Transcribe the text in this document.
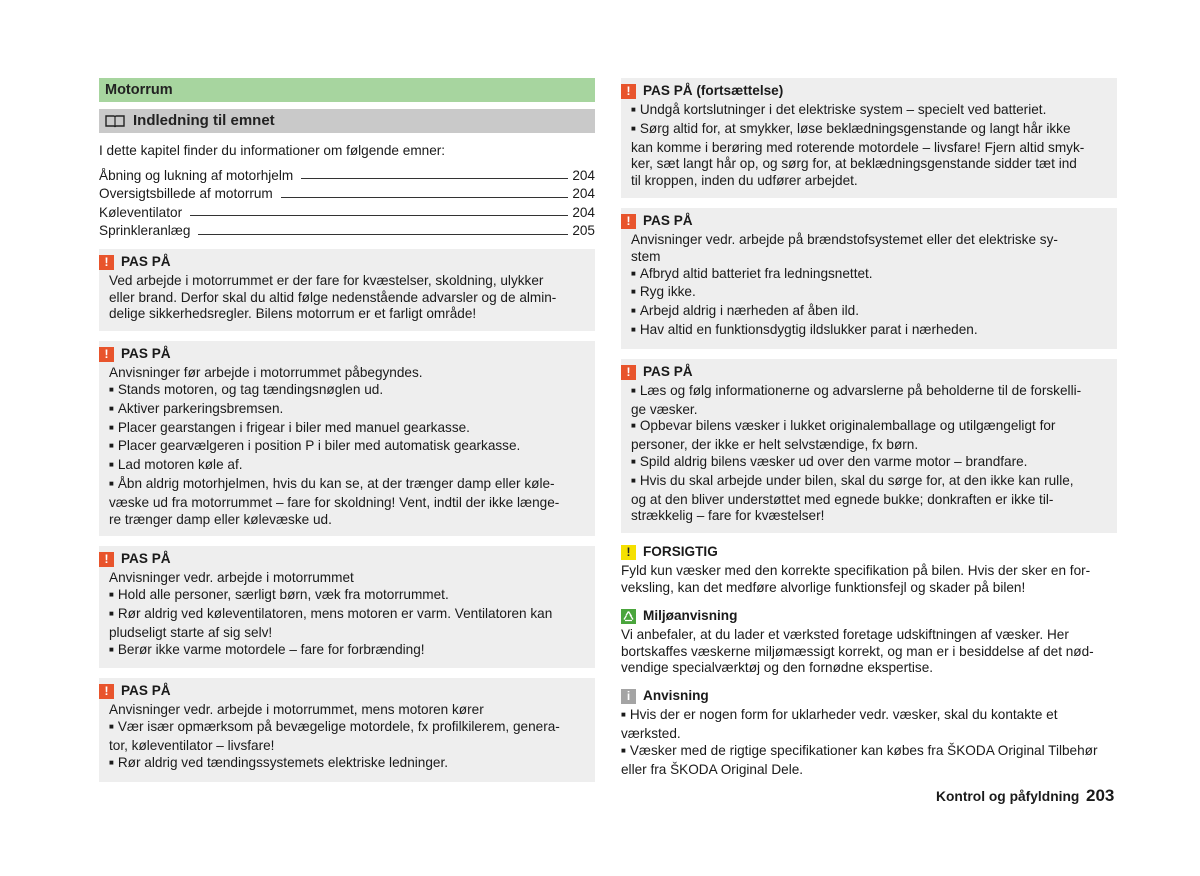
Motorrum
Indledning til emnet
I dette kapitel finder du informationer om følgende emner:
Åbning og lukning af motorhjelm	204
Oversigtsbillede af motorrum	204
Køleventilator	204
Sprinkleranlæg	205
! PAS PÅ
Ved arbejde i motorrummet er der fare for kvæstelser, skoldning, ulykker
eller brand. Derfor skal du altid følge nedenstående advarsler og de almin-
delige sikkerhedsregler. Bilens motorrum er et farligt område!
! PAS PÅ
Anvisninger før arbejde i motorrummet påbegyndes.
■ Stands motoren, og tag tændingsnøglen ud.
■ Aktiver parkeringsbremsen.
■ Placer gearstangen i frigear i biler med manuel gearkasse.
■ Placer gearvælgeren i position P i biler med automatisk gearkasse.
■ Lad motoren køle af.
■ Åbn aldrig motorhjelmen, hvis du kan se, at der trænger damp eller køle-
væske ud fra motorrummet – fare for skoldning! Vent, indtil der ikke længe-
re trænger damp eller kølevæske ud.
! PAS PÅ
Anvisninger vedr. arbejde i motorrummet
■ Hold alle personer, særligt børn, væk fra motorrummet.
■ Rør aldrig ved køleventilatoren, mens motoren er varm. Ventilatoren kan
pludseligt starte af sig selv!
■ Berør ikke varme motordele – fare for forbrænding!
! PAS PÅ
Anvisninger vedr. arbejde i motorrummet, mens motoren kører
■ Vær især opmærksom på bevægelige motordele, fx profilkilerem, genera-
tor, køleventilator – livsfare!
■ Rør aldrig ved tændingssystemets elektriske ledninger.
! PAS PÅ (fortsættelse)
■ Undgå kortslutninger i det elektriske system – specielt ved batteriet.
■ Sørg altid for, at smykker, løse beklædningsgenstande og langt hår ikke
kan komme i berøring med roterende motordele – livsfare! Fjern altid smyk-
ker, sæt langt hår op, og sørg for, at beklædningsgenstande sidder tæt ind
til kroppen, inden du udfører arbejdet.
! PAS PÅ
Anvisninger vedr. arbejde på brændstofsystemet eller det elektriske sy-
stem
■ Afbryd altid batteriet fra ledningsnettet.
■ Ryg ikke.
■ Arbejd aldrig i nærheden af åben ild.
■ Hav altid en funktionsdygtig ildslukker parat i nærheden.
! PAS PÅ
■ Læs og følg informationerne og advarslerne på beholderne til de forskelli-
ge væsker.
■ Opbevar bilens væsker i lukket originalemballage og utilgængeligt for
personer, der ikke er helt selvstændige, fx børn.
■ Spild aldrig bilens væsker ud over den varme motor – brandfare.
■ Hvis du skal arbejde under bilen, skal du sørge for, at den ikke kan rulle,
og at den bliver understøttet med egnede bukke; donkraften er ikke til-
strækkelig – fare for kvæstelser!
! FORSIGTIG
Fyld kun væsker med den korrekte specifikation på bilen. Hvis der sker en for-
veksling, kan det medføre alvorlige funktionsfejl og skader på bilen!
Miljøanvisning
Vi anbefaler, at du lader et værksted foretage udskiftningen af væsker. Her
bortskaffes væskerne miljømæssigt korrekt, og man er i besiddelse af det nød-
vendige specialværktøj og den fornødne ekspertise.
i Anvisning
■ Hvis der er nogen form for uklarheder vedr. væsker, skal du kontakte et
værksted.
■ Væsker med de rigtige specifikationer kan købes fra ŠKODA Original Tilbehør
eller fra ŠKODA Original Dele.
Kontrol og påfyldning 203
